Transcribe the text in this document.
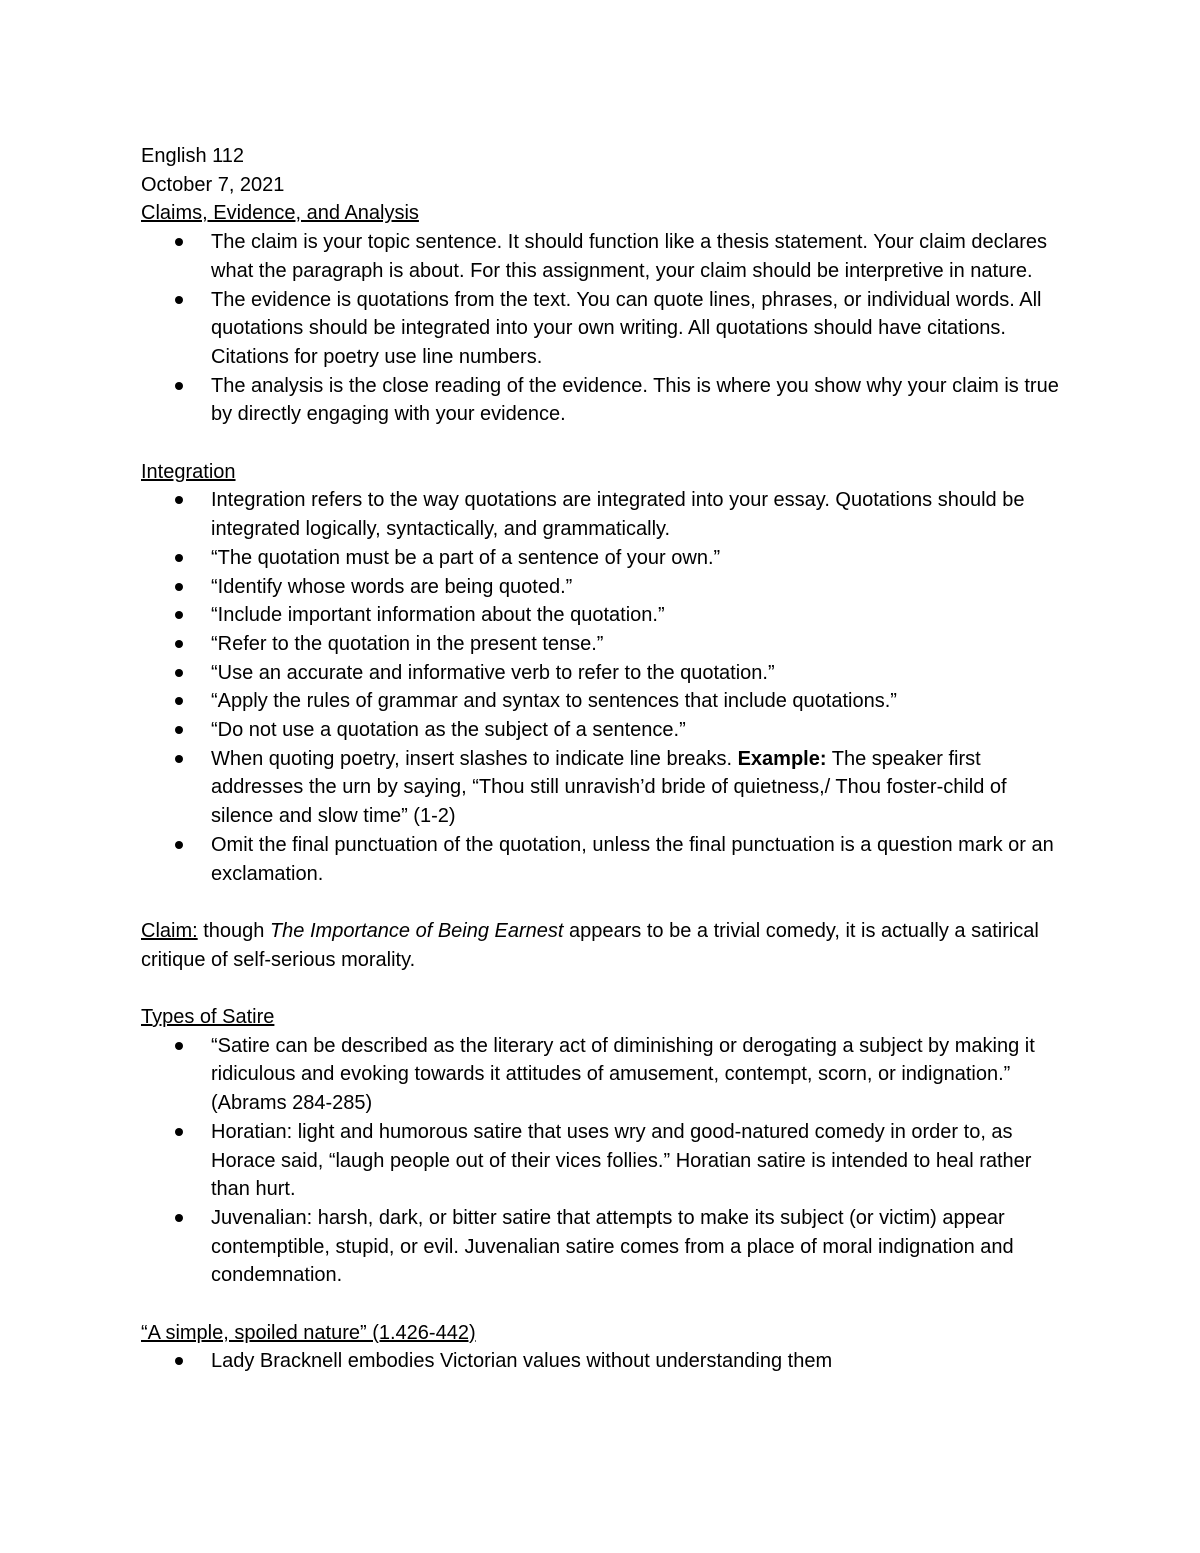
English 112

October 7, 2021

Claims, Evidence, and Analysis

The claim is your topic sentence. It should function like a thesis statement. Your claim declares what the paragraph is about. For this assignment, your claim should be interpretive in nature.
The evidence is quotations from the text. You can quote lines, phrases, or individual words. All quotations should be integrated into your own writing. All quotations should have citations. Citations for poetry use line numbers.
The analysis is the close reading of the evidence. This is where you show why your claim is true by directly engaging with your evidence.

Integration

Integration refers to the way quotations are integrated into your essay. Quotations should be integrated logically, syntactically, and grammatically.
“The quotation must be a part of a sentence of your own.”
“Identify whose words are being quoted.”
“Include important information about the quotation.”
“Refer to the quotation in the present tense.”
“Use an accurate and informative verb to refer to the quotation.”
“Apply the rules of grammar and syntax to sentences that include quotations.”
“Do not use a quotation as the subject of a sentence.”
When quoting poetry, insert slashes to indicate line breaks. Example: The speaker first addresses the urn by saying, “Thou still unravish’d bride of quietness,/ Thou foster-child of silence and slow time” (1-2)
Omit the final punctuation of the quotation, unless the final punctuation is a question mark or an exclamation.

Claim: though The Importance of Being Earnest appears to be a trivial comedy, it is actually a satirical critique of self-serious morality.

Types of Satire

“Satire can be described as the literary act of diminishing or derogating a subject by making it ridiculous and evoking towards it attitudes of amusement, contempt, scorn, or indignation.” (Abrams 284-285)
Horatian: light and humorous satire that uses wry and good-natured comedy in order to, as Horace said, “laugh people out of their vices follies.” Horatian satire is intended to heal rather than hurt.
Juvenalian: harsh, dark, or bitter satire that attempts to make its subject (or victim) appear contemptible, stupid, or evil. Juvenalian satire comes from a place of moral indignation and condemnation.

“A simple, spoiled nature” (1.426-442)

Lady Bracknell embodies Victorian values without understanding them
